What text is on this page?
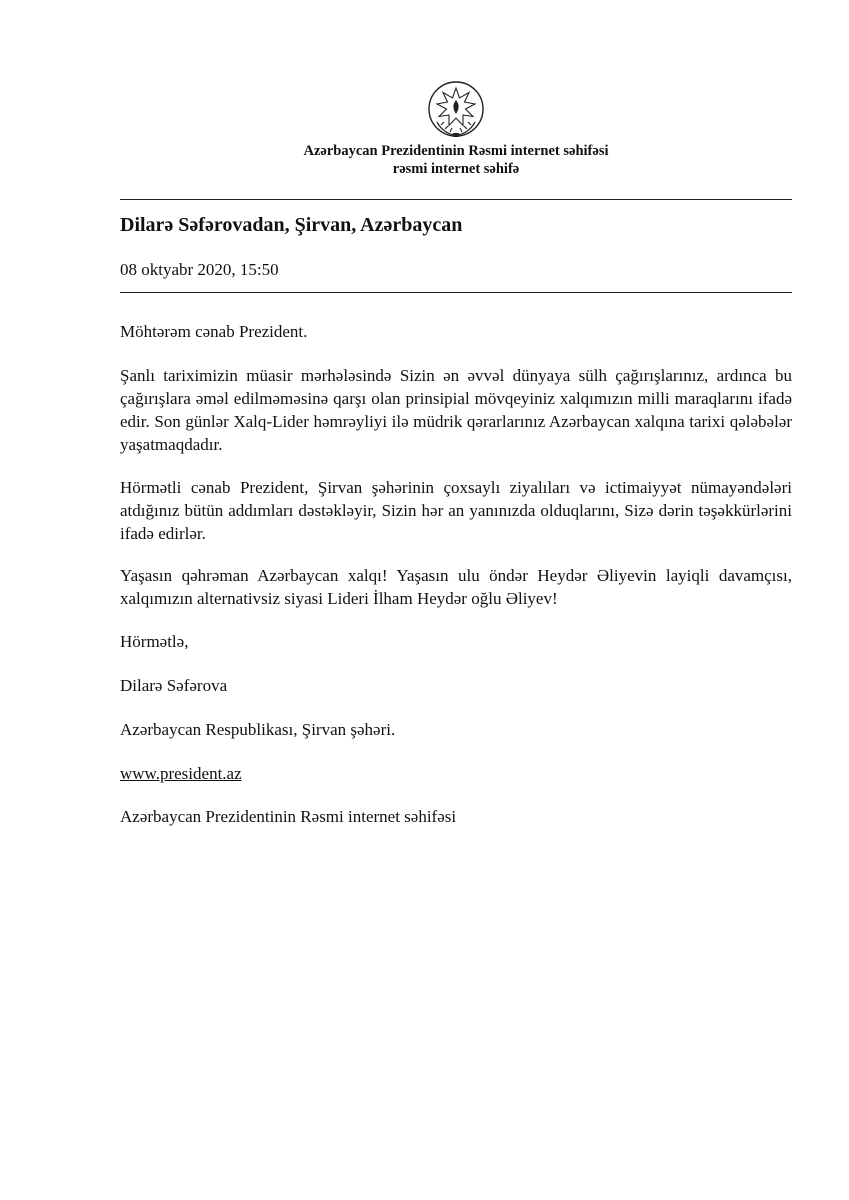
Azərbaycan Prezidentinin Rəsmi internet səhifəsi
rəsmi internet səhifə
Dilarə Səfərovadan, Şirvan, Azərbaycan
08 oktyabr 2020, 15:50
Möhtərəm cənab Prezident.
Şanlı tariximizin müasir mərhələsində Sizin ən əvvəl dünyaya sülh çağırışlarınız, ardınca bu çağırışlara əməl edilməməsinə qarşı olan prinsipial mövqeyiniz xalqımızın milli maraqlarını ifadə edir. Son günlər Xalq-Lider həmrəyliyi ilə müdrik qərarlarınız Azərbaycan xalqına tarixi qələbələr yaşatmaqdadır.
Hörmətli cənab Prezident, Şirvan şəhərinin çoxsaylı ziyalıları və ictimaiyyət nümayəndələri atdığınız bütün addımları dəstəkləyir, Sizin hər an yanınızda olduqlarını, Sizə dərin təşəkkürlərini ifadə edirlər.
Yaşasın qəhrəman Azərbaycan xalqı! Yaşasın ulu öndər Heydər Əliyevin layiqli davamçısı, xalqımızın alternativsiz siyasi Lideri İlham Heydər oğlu Əliyev!
Hörmətlə,
Dilarə Səfərova
Azərbaycan Respublikası, Şirvan şəhəri.
www.president.az
Azərbaycan Prezidentinin Rəsmi internet səhifəsi
